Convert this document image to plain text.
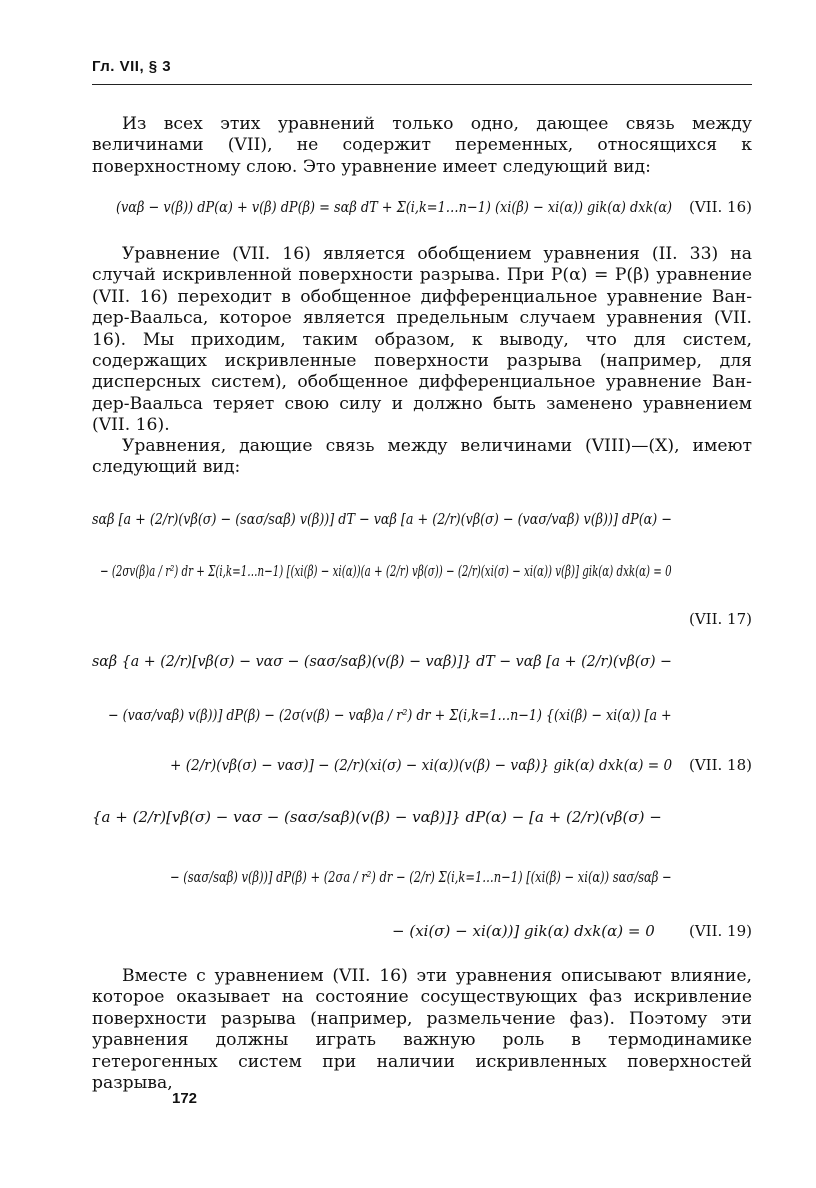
Гл. VII, § 3

Из всех этих уравнений только одно, дающее связь между величинами (VII), не содержит переменных, относящихся к поверхностному слою. Это уравнение имеет следующий вид:

(vαβ − v(β)) dP(α) + v(β) dP(β) = sαβ dT + Σ(i,k=1…n−1) (xi(β) − xi(α)) gik(α) dxk(α) (VII. 16)

Уравнение (VII. 16) является обобщением уравнения (II. 33) на случай искривленной поверхности разрыва. При P(α) = P(β) уравнение (VII. 16) переходит в обобщенное дифференциальное уравнение Ван-дер-Ваальса, которое является предельным случаем уравнения (VII. 16). Мы приходим, таким образом, к выводу, что для систем, содержащих искривленные поверхности разрыва (например, для дисперсных систем), обобщенное дифференциальное уравнение Ван-дер-Ваальса теряет свою силу и должно быть заменено уравнением (VII. 16).

Уравнения, дающие связь между величинами (VIII)—(X), имеют следующий вид:

sαβ [a + (2/r)(vβ(σ) − (sασ/sαβ) v(β))] dT − vαβ [a + (2/r)(vβ(σ) − (vασ/vαβ) v(β))] dP(α) −
− (2σv(β)a / r²) dr + Σ(i,k=1…n−1) [(xi(β) − xi(α))(a + (2/r) vβ(σ)) − (2/r)(xi(σ) − xi(α)) v(β)] gik(α) dxk(α) = 0
(VII. 17)
sαβ {a + (2/r)[vβ(σ) − vασ − (sασ/sαβ)(v(β) − vαβ)]} dT − vαβ [a + (2/r)(vβ(σ) −
− (vασ/vαβ) v(β))] dP(β) − (2σ(v(β) − vαβ)a / r²) dr + Σ(i,k=1…n−1) {(xi(β) − xi(α)) [a +
+ (2/r)(vβ(σ) − vασ)] − (2/r)(xi(σ) − xi(α))(v(β) − vαβ)} gik(α) dxk(α) = 0 (VII. 18)
{a + (2/r)[vβ(σ) − vασ − (sασ/sαβ)(v(β) − vαβ)]} dP(α) − [a + (2/r)(vβ(σ) −
− (sασ/sαβ) v(β))] dP(β) + (2σa / r²) dr − (2/r) Σ(i,k=1…n−1) [(xi(β) − xi(α)) sασ/sαβ −
− (xi(σ) − xi(α))] gik(α) dxk(α) = 0 (VII. 19)

Вместе с уравнением (VII. 16) эти уравнения описывают влияние, которое оказывает на состояние сосуществующих фаз искривление поверхности разрыва (например, размельчение фаз). Поэтому эти уравнения должны играть важную роль в термодинамике гетерогенных систем при наличии искривленных поверхностей разрыва,

172
